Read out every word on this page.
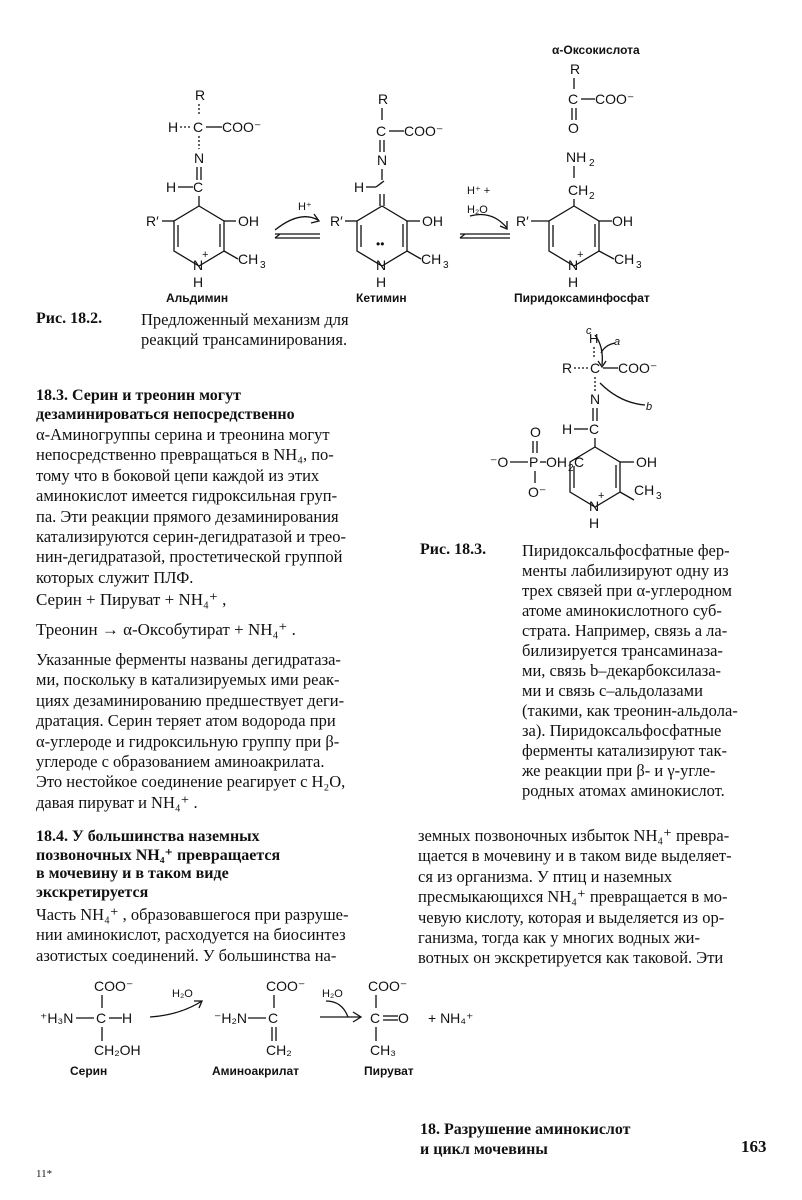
R
H C COO⁻
N
H C
R′	OH
CH 3
N
+
H
H⁺
R
C COO⁻
N
H
R′	OH
CH 3
••
N
H
H⁺ +
H₂O
α-Оксокислота
R
C COO⁻
O
NH 2
CH 2
R′	OH
CH 3
N
+
H
Альдимин	Кетимин	Пиридоксаминфосфат
Рис. 18.2. Предложенный механизм для реакций трансаминирования.
18.3. Серин и треонин могут
дезаминироваться непосредственно
α-Аминогруппы серина и треонина могут
непосредственно превращаться в NH₄, по-
тому что в боковой цепи каждой из этих
аминокислот имеется гидроксильная груп-
па. Эти реакции прямого дезаминирования
катализируются серин-дегидратазой и трео-
нин-дегидратазой, простетической группой
которых служит ПЛФ.
Серин + Пируват + NH₄⁺ ,
Треонин → α-Оксобутират + NH₄⁺ .
Указанные ферменты названы дегидратаза-
ми, поскольку в катализируемых ими реак-
циях дезаминированию предшествует деги-
дратация. Серин теряет атом водорода при
α-углероде и гидроксильную группу при β-
углероде с образованием аминоакрилата.
Это нестойкое соединение реагирует с H₂O,
давая пируват и NH₄⁺ .
a
H
c
C
R	COO⁻
b
N
H C
OH
CH 3
N
+
H
O
⁻O P OH 2 C
O⁻
Рис. 18.3. Пиридоксальфосфатные фер-
менты лабилизируют одну из
трех связей при α-углеродном
атоме аминокислотного суб-
страта. Например, связь a ла-
билизируется трансаминаза-
ми, связь b–декарбоксилаза-
ми и связь c–альдолазами
(такими, как треонин-альдола-
за). Пиридоксальфосфатные
ферменты катализируют так-
же реакции при β- и γ-угле-
родных атомах аминокислот.
18.4. У большинства наземных
позвоночных NH₄⁺ превращается
в мочевину и в таком виде
экскретируется
Часть NH₄⁺ , образовавшегося при разруше-
нии аминокислот, расходуется на биосинтез
азотистых соединений. У большинства на-
земных позвоночных избыток NH₄⁺ превра-
щается в мочевину и в таком виде выделяет-
ся из организма. У птиц и наземных
пресмыкающихся NH₄⁺ превращается в мо-
чевую кислоту, которая и выделяется из ор-
ганизма, тогда как у многих водных жи-
вотных он экскретируется как таковой. Эти
COO⁻
⁺H₃N C H
CH₂OH
H₂O	COO⁻
⁻H₂N C
CH₂
H₂O COO⁻
C O
CH₃
+ NH₄⁺
Серин	Аминоакрилат	Пируват
18. Разрушение аминокислот
и цикл мочевины	163
11*
